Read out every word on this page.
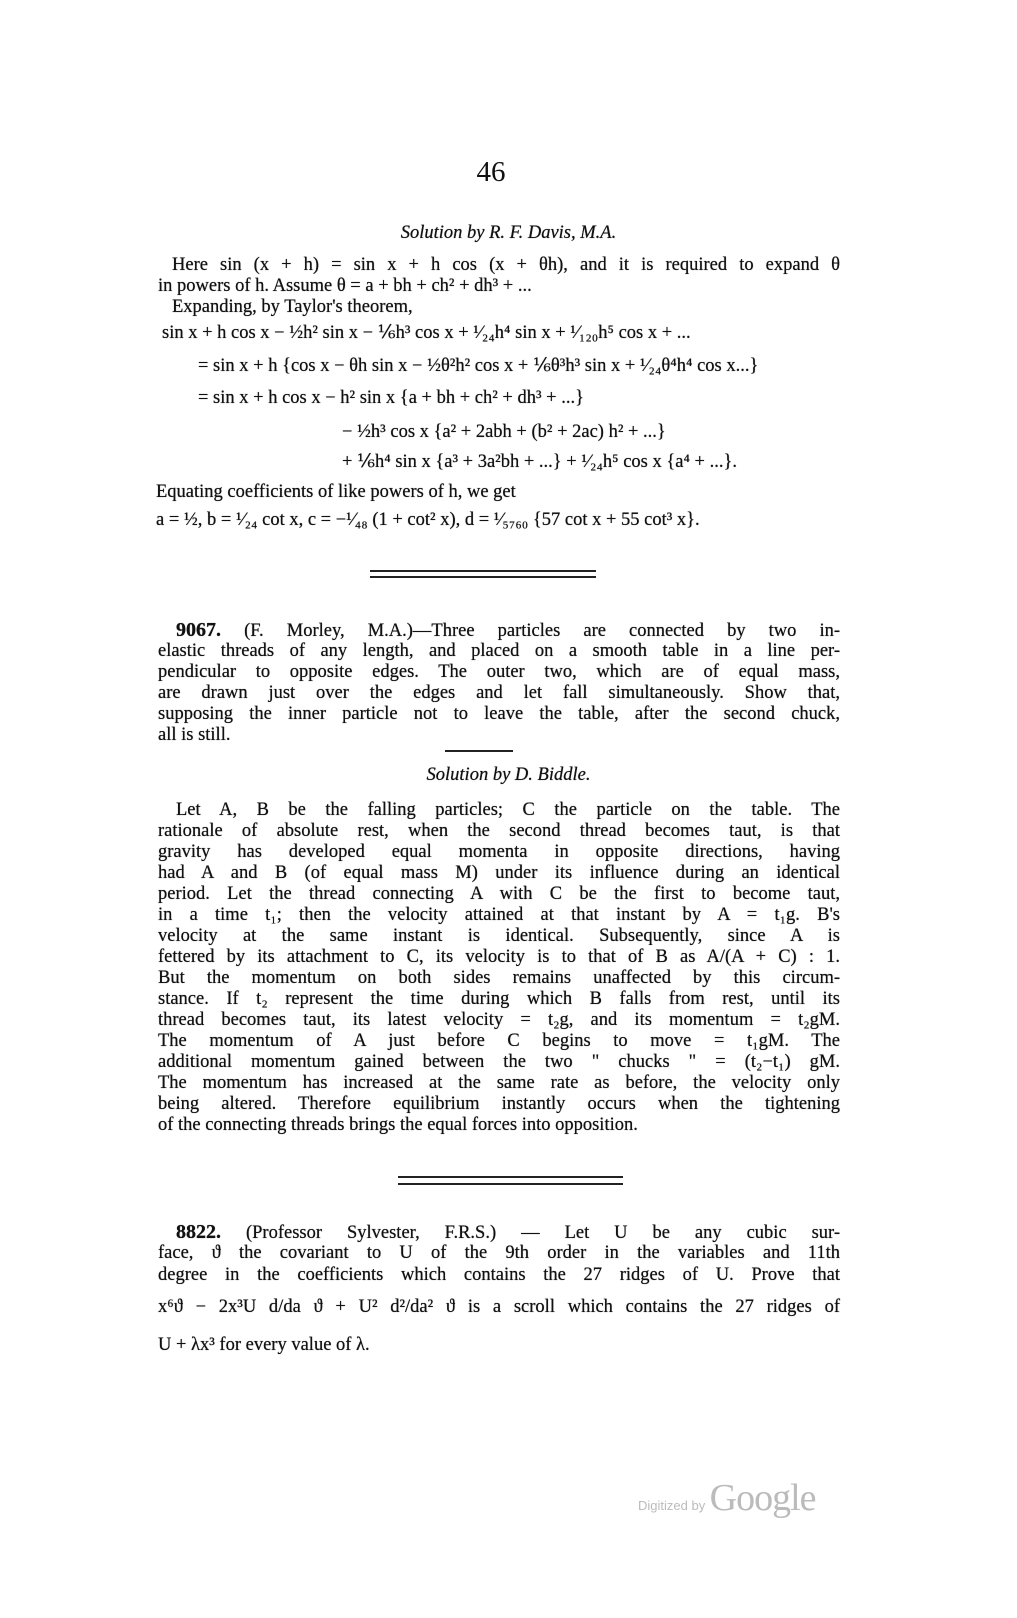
46
Solution by R. F. Davis, M.A.
Here sin (x + h) = sin x + h cos (x + θh), and it is required to expand θ
in powers of h. Assume θ = a + bh + ch² + dh³ + ...
Expanding, by Taylor's theorem,
sin x + h cos x − ½h² sin x − ⅙h³ cos x + ¹⁄₂₄h⁴ sin x + ¹⁄₁₂₀h⁵ cos x + ...
= sin x + h {cos x − θh sin x − ½θ²h² cos x + ⅙θ³h³ sin x + ¹⁄₂₄θ⁴h⁴ cos x...}
= sin x + h cos x − h² sin x {a + bh + ch² + dh³ + ...}
− ½h³ cos x {a² + 2abh + (b² + 2ac) h² + ...}
+ ⅙h⁴ sin x {a³ + 3a²bh + ...} + ¹⁄₂₄h⁵ cos x {a⁴ + ...}.
Equating coefficients of like powers of h, we get
a = ½, b = ¹⁄₂₄ cot x, c = −¹⁄₄₈ (1 + cot² x), d = ¹⁄₅₇₆₀ {57 cot x + 55 cot³ x}.
9067. (F. Morley, M.A.)—Three particles are connected by two in-
elastic threads of any length, and placed on a smooth table in a line per-
pendicular to opposite edges. The outer two, which are of equal mass,
are drawn just over the edges and let fall simultaneously. Show that,
supposing the inner particle not to leave the table, after the second chuck,
all is still.
Solution by D. Biddle.
Let A, B be the falling particles; C the particle on the table. The
rationale of absolute rest, when the second thread becomes taut, is that
gravity has developed equal momenta in opposite directions, having
had A and B (of equal mass M) under its influence during an identical
period. Let the thread connecting A with C be the first to become taut,
in a time t₁; then the velocity attained at that instant by A = t₁g. B's
velocity at the same instant is identical. Subsequently, since A is
fettered by its attachment to C, its velocity is to that of B as A/(A + C) : 1.
But the momentum on both sides remains unaffected by this circum-
stance. If t₂ represent the time during which B falls from rest, until its
thread becomes taut, its latest velocity = t₂g, and its momentum = t₂gM.
The momentum of A just before C begins to move = t₁gM. The
additional momentum gained between the two " chucks " = (t₂−t₁) gM.
The momentum has increased at the same rate as before, the velocity only
being altered. Therefore equilibrium instantly occurs when the tightening
of the connecting threads brings the equal forces into opposition.
8822. (Professor Sylvester, F.R.S.) — Let U be any cubic sur-
face, ϑ the covariant to U of the 9th order in the variables and 11th
degree in the coefficients which contains the 27 ridges of U. Prove that
x⁶ϑ − 2x³U d/da ϑ + U² d²/da² ϑ is a scroll which contains the 27 ridges of
U + λx³ for every value of λ.
Digitized by Google
